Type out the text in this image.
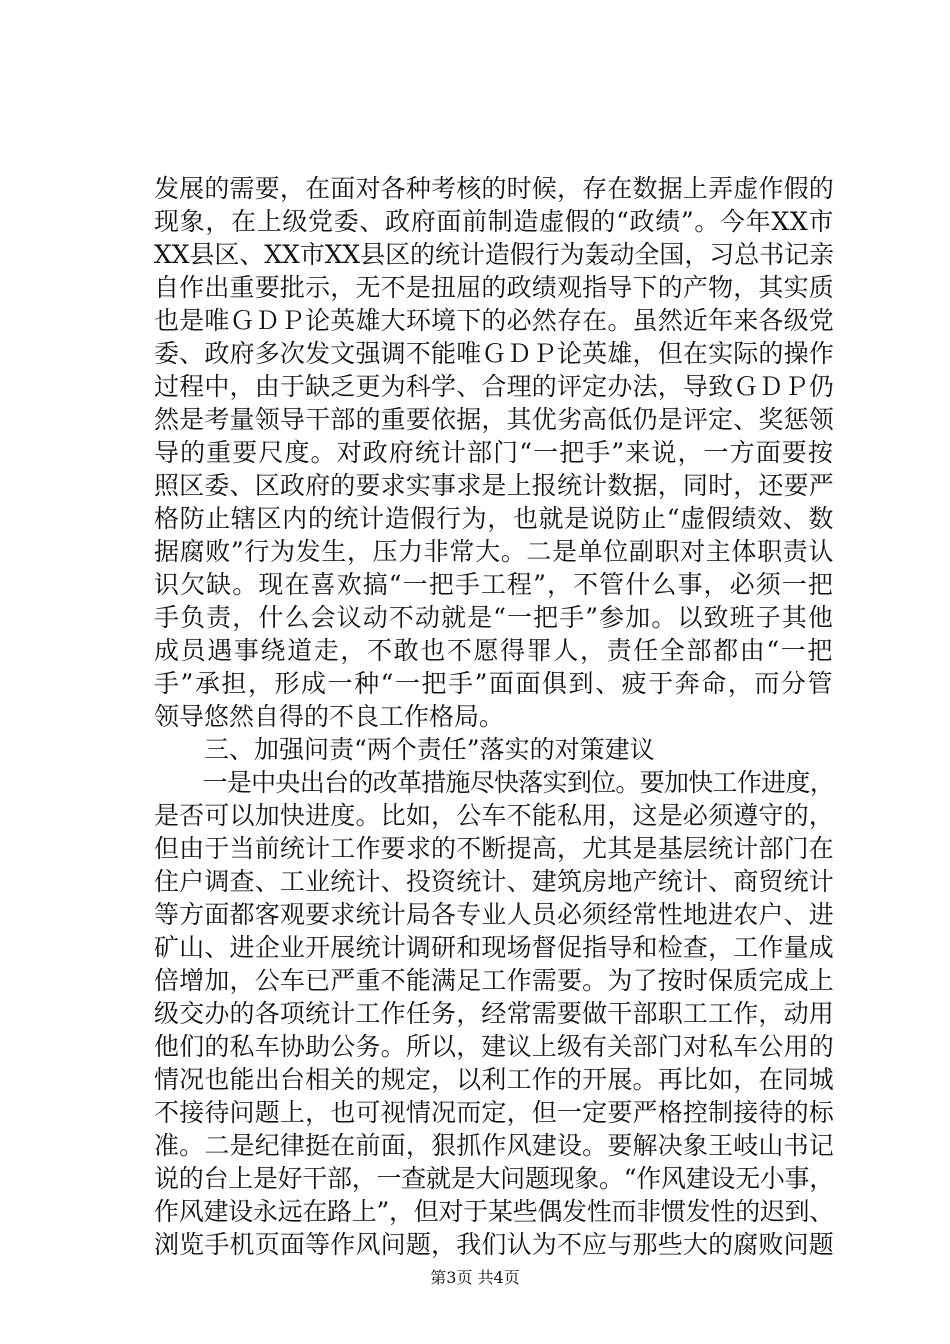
发展的需要，在面对各种考核的时候，存在数据上弄虚作假的
现象，在上级党委、政府面前制造虚假的“政绩”。今年XX市
XX县区、XX市XX县区的统计造假行为轰动全国，习总书记亲
自作出重要批示，无不是扭屈的政绩观指导下的产物，其实质
也是唯ＧＤＰ论英雄大环境下的必然存在。虽然近年来各级党
委、政府多次发文强调不能唯ＧＤＰ论英雄，但在实际的操作
过程中，由于缺乏更为科学、合理的评定办法，导致ＧＤＰ仍
然是考量领导干部的重要依据，其优劣高低仍是评定、奖惩领
导的重要尺度。对政府统计部门“一把手”来说，一方面要按
照区委、区政府的要求实事求是上报统计数据，同时，还要严
格防止辖区内的统计造假行为，也就是说防止“虚假绩效、数
据腐败”行为发生，压力非常大。二是单位副职对主体职责认
识欠缺。现在喜欢搞“一把手工程”，不管什么事，必须一把
手负责，什么会议动不动就是“一把手”参加。以致班子其他
成员遇事绕道走，不敢也不愿得罪人，责任全部都由“一把
手”承担，形成一种“一把手”面面俱到、疲于奔命，而分管
领导悠然自得的不良工作格局。
　　三、加强问责“两个责任”落实的对策建议
　　一是中央出台的改革措施尽快落实到位。要加快工作进度，
是否可以加快进度。比如，公车不能私用，这是必须遵守的，
但由于当前统计工作要求的不断提高，尤其是基层统计部门在
住户调查、工业统计、投资统计、建筑房地产统计、商贸统计
等方面都客观要求统计局各专业人员必须经常性地进农户、进
矿山、进企业开展统计调研和现场督促指导和检查，工作量成
倍增加，公车已严重不能满足工作需要。为了按时保质完成上
级交办的各项统计工作任务，经常需要做干部职工工作，动用
他们的私车协助公务。所以，建议上级有关部门对私车公用的
情况也能出台相关的规定，以利工作的开展。再比如，在同城
不接待问题上，也可视情况而定，但一定要严格控制接待的标
准。二是纪律挺在前面，狠抓作风建设。要解决象王岐山书记
说的台上是好干部，一查就是大问题现象。“作风建设无小事，
作风建设永远在路上”，但对于某些偶发性而非惯发性的迟到、
浏览手机页面等作风问题，我们认为不应与那些大的腐败问题
第3页 共4页
